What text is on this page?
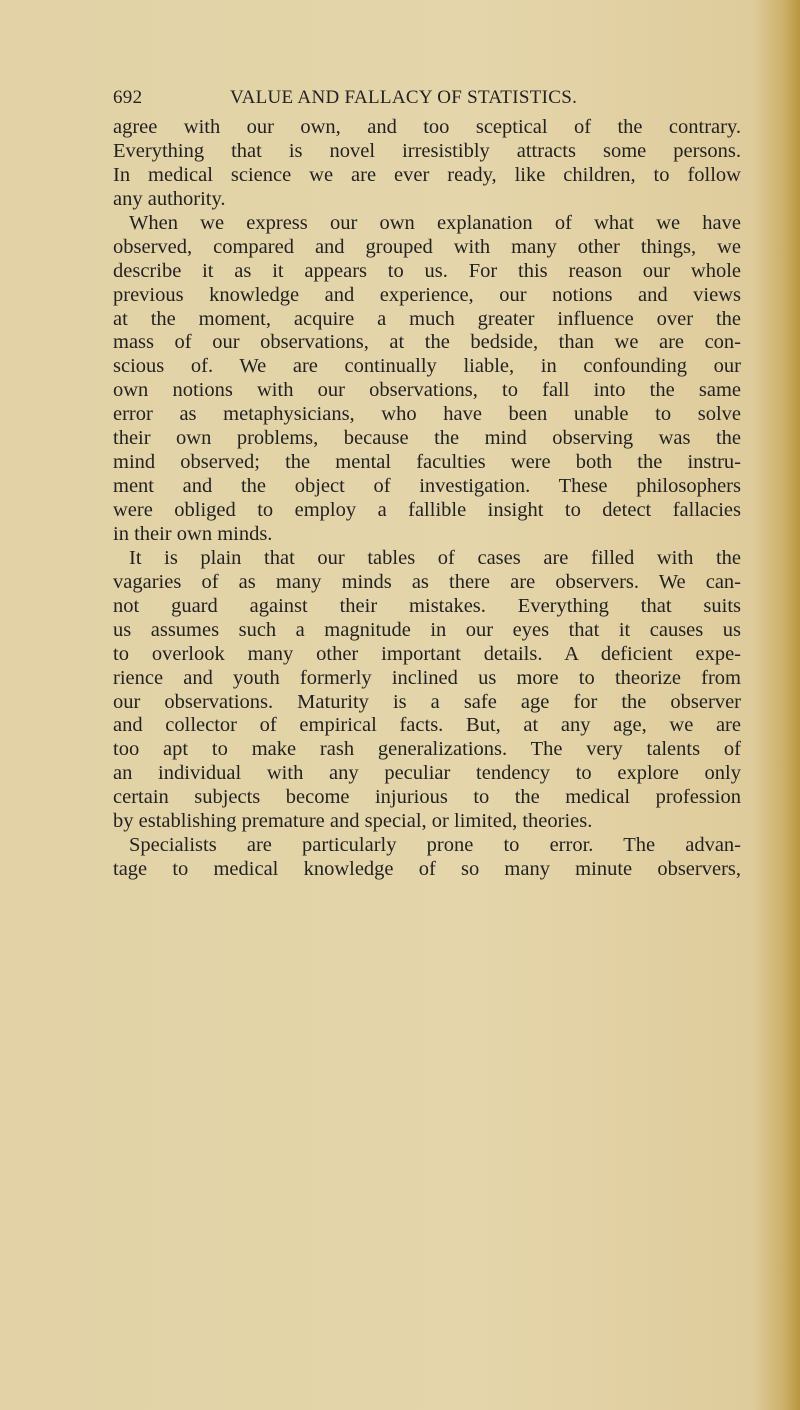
692	VALUE AND FALLACY OF STATISTICS.
agree with our own, and too sceptical of the contrary.
Everything that is novel irresistibly attracts some persons.
In medical science we are ever ready, like children, to follow
any authority.
When we express our own explanation of what we have
observed, compared and grouped with many other things, we
describe it as it appears to us. For this reason our whole
previous knowledge and experience, our notions and views
at the moment, acquire a much greater influence over the
mass of our observations, at the bedside, than we are con-
scious of. We are continually liable, in confounding our
own notions with our observations, to fall into the same
error as metaphysicians, who have been unable to solve
their own problems, because the mind observing was the
mind observed; the mental faculties were both the instru-
ment and the object of investigation. These philosophers
were obliged to employ a fallible insight to detect fallacies
in their own minds.
It is plain that our tables of cases are filled with the
vagaries of as many minds as there are observers. We can-
not guard against their mistakes. Everything that suits
us assumes such a magnitude in our eyes that it causes us
to overlook many other important details. A deficient expe-
rience and youth formerly inclined us more to theorize from
our observations. Maturity is a safe age for the observer
and collector of empirical facts. But, at any age, we are
too apt to make rash generalizations. The very talents of
an individual with any peculiar tendency to explore only
certain subjects become injurious to the medical profession
by establishing premature and special, or limited, theories.
Specialists are particularly prone to error. The advan-
tage to medical knowledge of so many minute observers,
